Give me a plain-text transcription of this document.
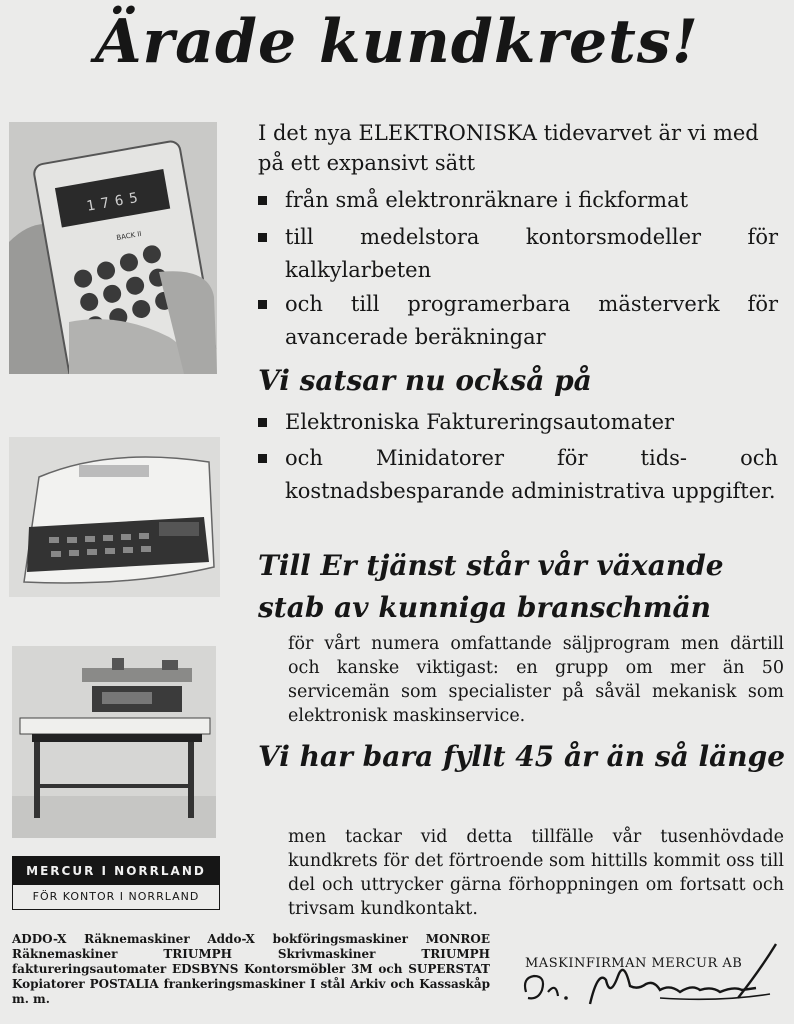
Ärade kundkrets!
1765
BACK II

I det nya ELEKTRONISKA tidevarvet är vi med på ett expansivt sätt

från små elektronräknare i fickformat
till medelstora kontorsmodeller för kalkylarbeten
och till programerbara mästerverk för avancerade beräkningar
Vi satsar nu också på
Elektroniska Faktureringsautomater
och Minidatorer för tids- och kostnadsbesparande administrativa uppgifter.
Till Er tjänst står vår växande stab av kunniga branschmän

för vårt numera omfattande säljprogram men därtill och kanske viktigast: en grupp om mer än 50 servicemän som specialister på såväl mekanisk som elektronisk maskinservice.

Vi har bara fyllt 45 år än så länge

men tackar vid detta tillfälle vår tusenhövdade kundkrets för det förtroende som hittills kommit oss till del och uttrycker gärna förhoppningen om fortsatt och trivsam kundkontakt.

MERCUR I NORRLAND
FÖR KONTOR I NORRLAND

ADDO-X Räknemaskiner Addo-X bokföringsmaskiner MONROE Räknemaskiner TRIUMPH Skrivmaskiner TRIUMPH faktureringsautomater EDSBYNS Kontorsmöbler 3M och SUPERSTAT Kopiatorer POSTALIA frankeringsmaskiner I stål Arkiv och Kassaskåp m. m.

MASKINFIRMAN MERCUR AB
